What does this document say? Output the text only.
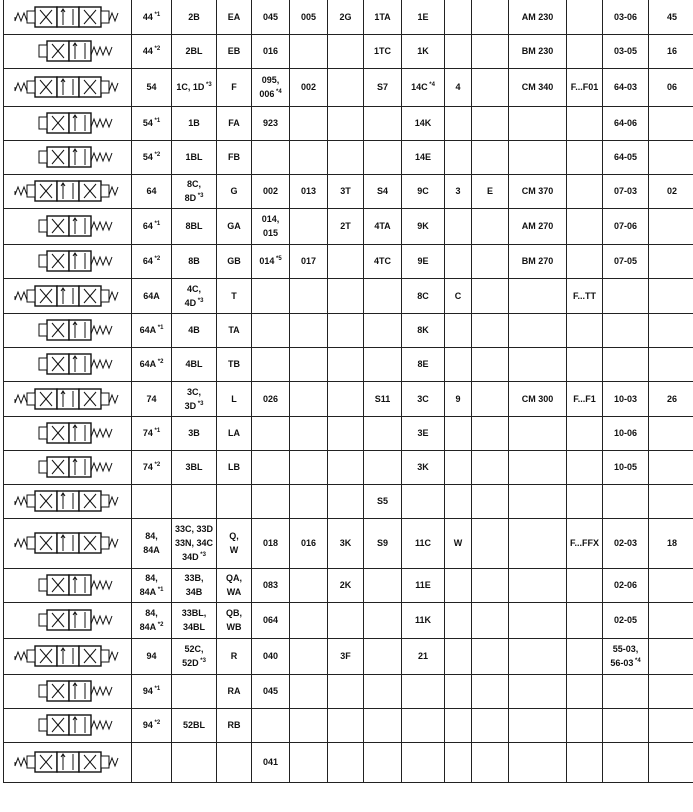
	44 $^{*1}$	2B	EA	045	005	2G	1TA	1E			AM 230		03-06	45

	44 $^{*2}$	2BL	EB	016			1TC	1K			BM 230		03-05	16

	54	1C, 1D $^{*3}$	F	095,
006 $^{*4}$	002		S7	14C $^{*4}$	4		CM 340	F...F01	64-03	06

	54 $^{*1}$	1B	FA	923				14K					64-06	

	54 $^{*2}$	1BL	FB					14E					64-05	

	64	8C,
8D $^{*3}$	G	002	013	3T	S4	9C	3	E	CM 370		07-03	02

	64 $^{*1}$	8BL	GA	014,
015		2T	4TA	9K			AM 270		07-06	

	64 $^{*2}$	8B	GB	014 $^{*5}$	017		4TC	9E			BM 270		07-05	

	64A	4C,
4D $^{*3}$	T					8C	C			F...TT		

	64A $^{*1}$	4B	TA					8K						

	64A $^{*2}$	4BL	TB					8E						

	74	3C,
3D $^{*3}$	L	026			S11	3C	9		CM 300	F...F1	10-03	26

	74 $^{*1}$	3B	LA					3E					10-06	

	74 $^{*2}$	3BL	LB					3K					10-05	

							S5							

	84,
84A	33C, 33D
33N, 34C
34D $^{*3}$	Q,
W	018	016	3K	S9	11C	W			F...FFX	02-03	18

	84,
84A $^{*1}$	33B,
34B	QA,
WA	083		2K		11E					02-06	

	84,
84A $^{*2}$	33BL,
34BL	QB,
WB	064				11K					02-05	

	94	52C,
52D $^{*3}$	R	040		3F		21					55-03,
56-03 $^{*4}$	

	94 $^{*1}$		RA	045										

	94 $^{*2}$	52BL	RB											

				041										
